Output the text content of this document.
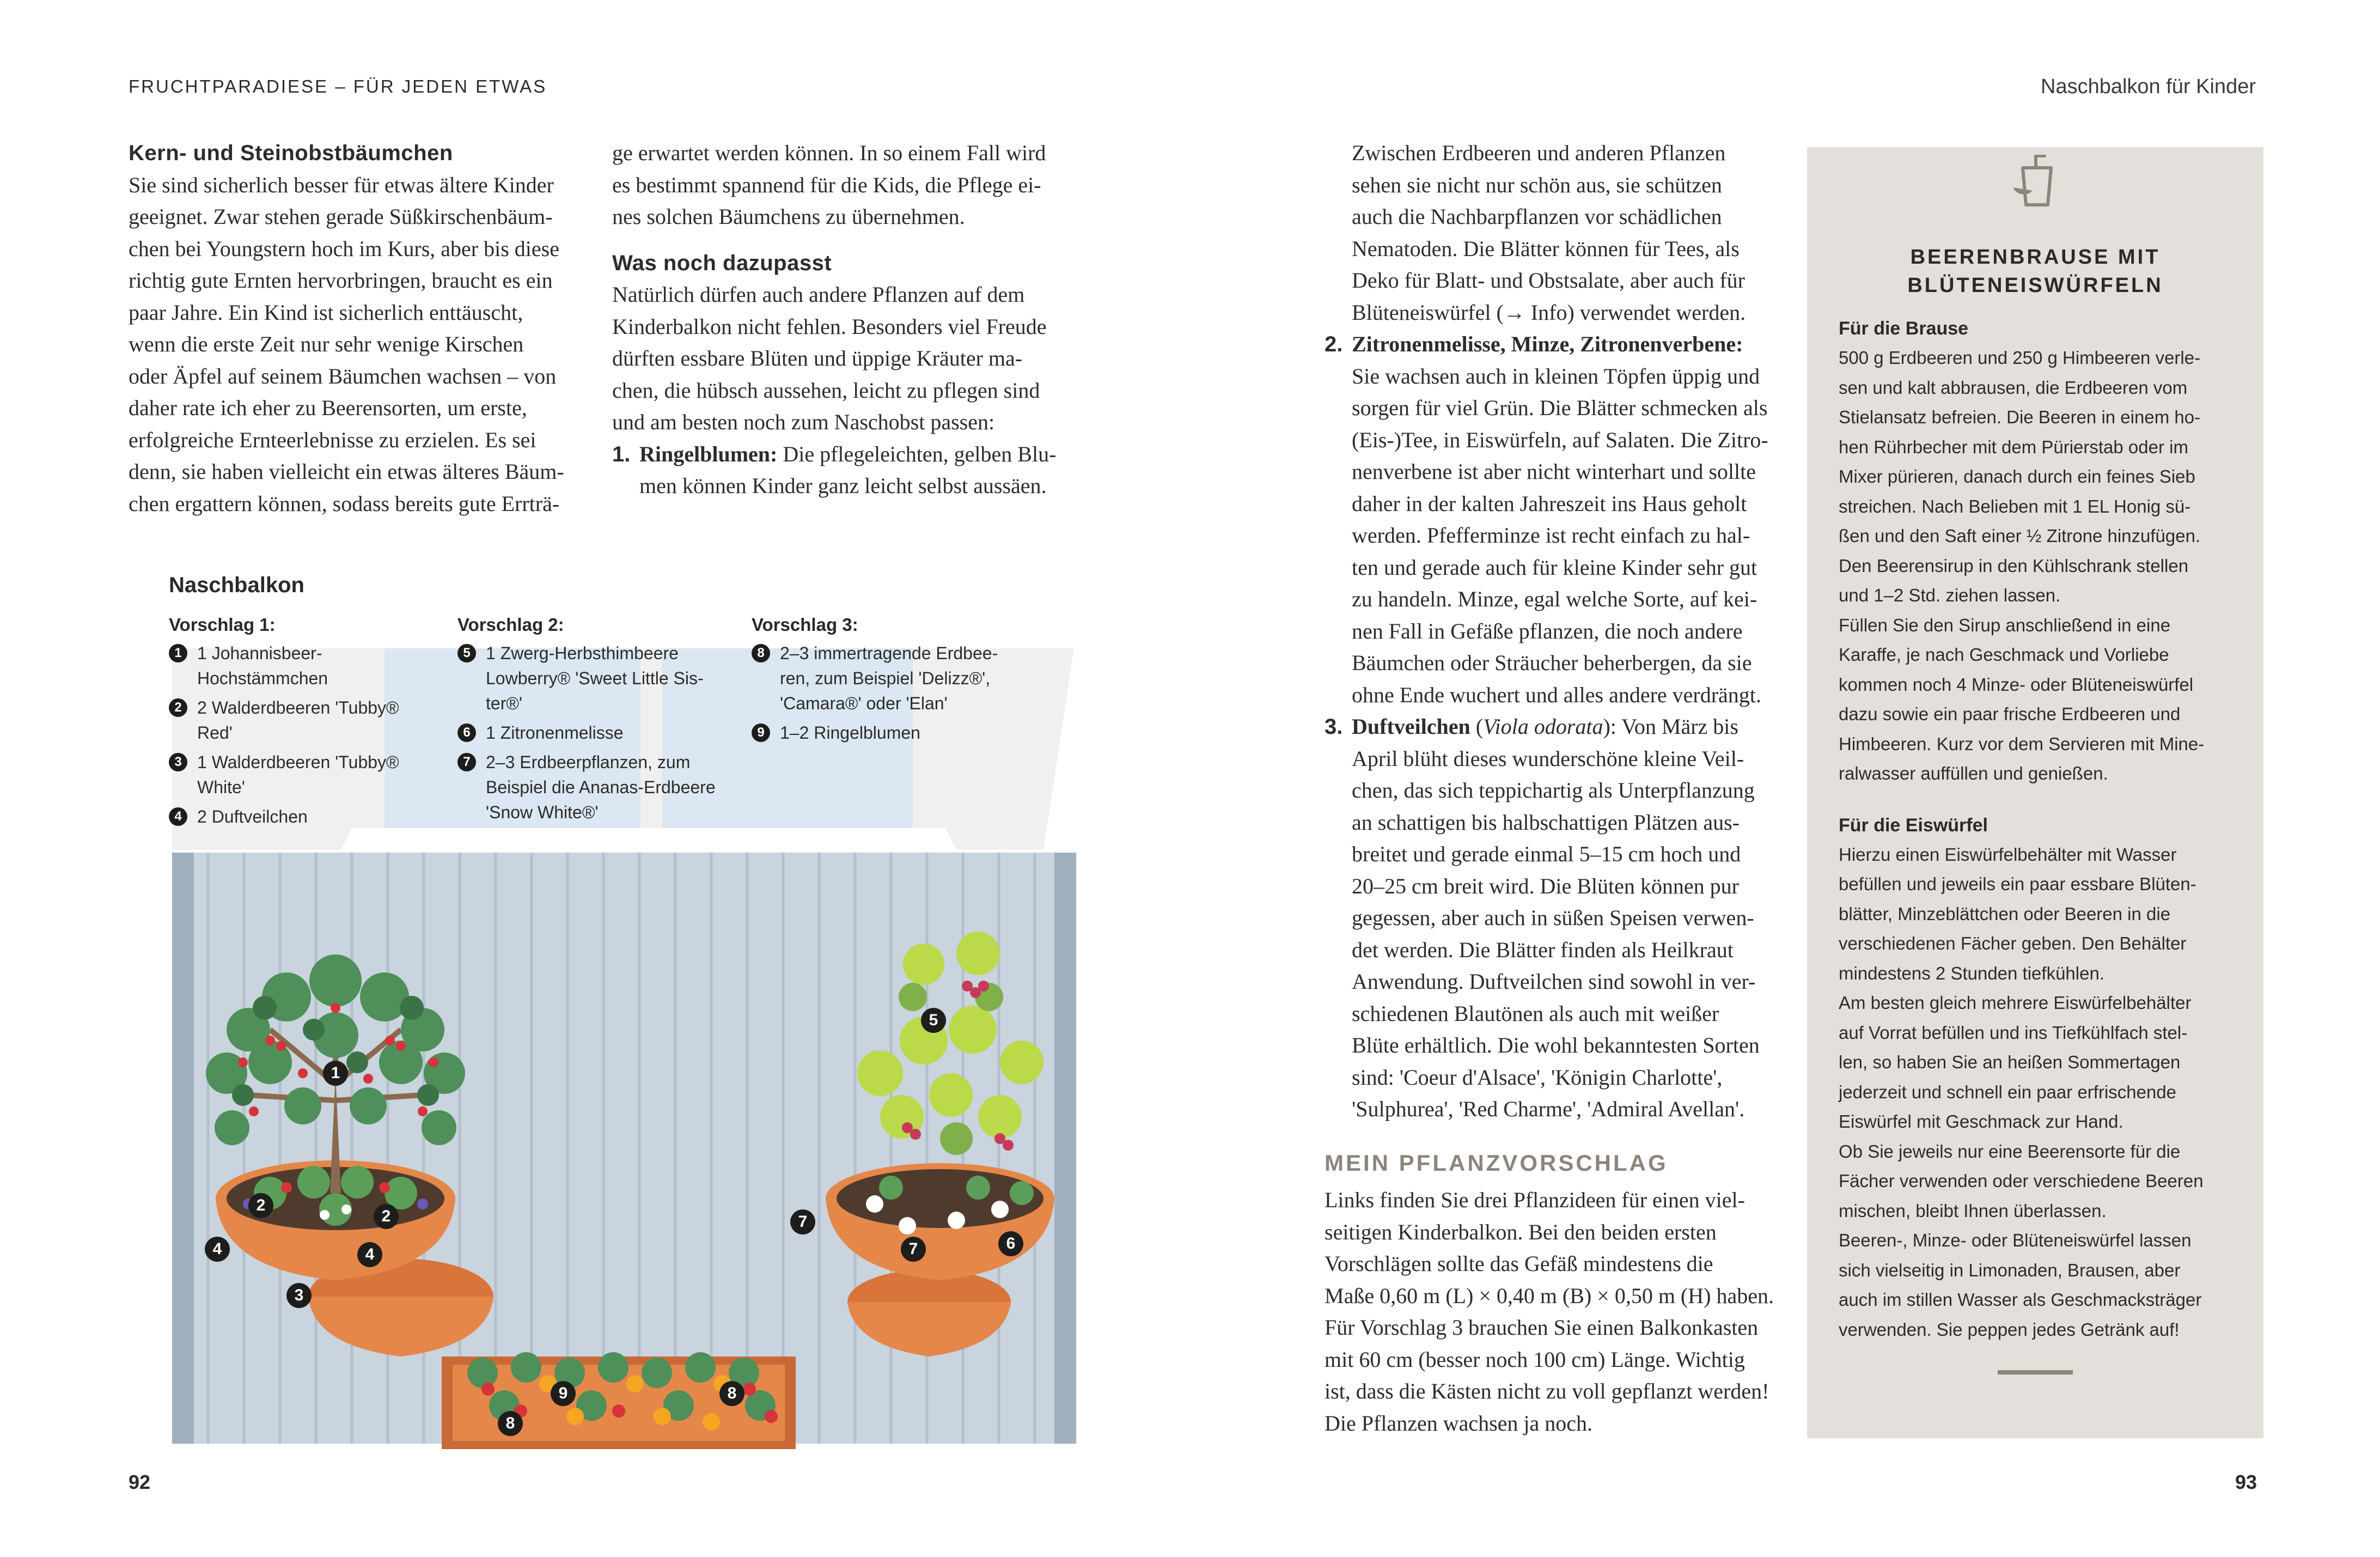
FRUCHTPARADIESE – FÜR JEDEN ETWAS
Kern- und Steinobstbäumchen
Sie sind sicherlich besser für etwas ältere Kinder
geeignet. Zwar stehen gerade Süßkirschenbäum-
chen bei Youngstern hoch im Kurs, aber bis diese
richtig gute Ernten hervorbringen, braucht es ein
paar Jahre. Ein Kind ist sicherlich enttäuscht,
wenn die erste Zeit nur sehr wenige Kirschen
oder Äpfel auf seinem Bäumchen wachsen – von
daher rate ich eher zu Beerensorten, um erste,
erfolgreiche Ernteerlebnisse zu erzielen. Es sei
denn, sie haben vielleicht ein etwas älteres Bäum-
chen ergattern können, sodass bereits gute Errträ-
ge erwartet werden können. In so einem Fall wird
es bestimmt spannend für die Kids, die Pflege ei-
nes solchen Bäumchens zu übernehmen.
Was noch dazupasst
Natürlich dürfen auch andere Pflanzen auf dem
Kinderbalkon nicht fehlen. Besonders viel Freude
dürften essbare Blüten und üppige Kräuter ma-
chen, die hübsch aussehen, leicht zu pflegen sind
und am besten noch zum Naschobst passen:
1. Ringelblumen: Die pflegeleichten, gelben Blu-
men können Kinder ganz leicht selbst aussäen.
1
2
2
3
4	4
5
6
7
7
8
8
9
Naschbalkon
Vorschlag 1:
1 1 Johannisbeer-
Hochstämmchen
2 2 Walderdbeeren 'Tubby®
Red'
3 1 Walderdbeeren 'Tubby®
White'
4 2 Duftveilchen
Vorschlag 2:
5 1 Zwerg-Herbsthimbeere
Lowberry® 'Sweet Little Sis-
ter®'
6 1 Zitronenmelisse
7 2–3 Erdbeerpflanzen, zum
Beispiel die Ananas-Erdbeere
'Snow White®'
Vorschlag 3:
8 2–3 immertragende Erdbee-
ren, zum Beispiel 'Delizz®',
'Camara®' oder 'Elan'
9 1–2 Ringelblumen
92
Naschbalkon für Kinder
Zwischen Erdbeeren und anderen Pflanzen
sehen sie nicht nur schön aus, sie schützen
auch die Nachbarpflanzen vor schädlichen
Nematoden. Die Blätter können für Tees, als
Deko für Blatt- und Obstsalate, aber auch für
Blüteneiswürfel (→ Info) verwendet werden.
2. Zitronenmelisse, Minze, Zitronenverbene:
Sie wachsen auch in kleinen Töpfen üppig und
sorgen für viel Grün. Die Blätter schmecken als
(Eis-)Tee, in Eiswürfeln, auf Salaten. Die Zitro-
nenverbene ist aber nicht winterhart und sollte
daher in der kalten Jahreszeit ins Haus geholt
werden. Pfefferminze ist recht einfach zu hal-
ten und gerade auch für kleine Kinder sehr gut
zu handeln. Minze, egal welche Sorte, auf kei-
nen Fall in Gefäße pflanzen, die noch andere
Bäumchen oder Sträucher beherbergen, da sie
ohne Ende wuchert und alles andere verdrängt.
3. Duftveilchen (Viola odorata): Von März bis
April blüht dieses wunderschöne kleine Veil-
chen, das sich teppichartig als Unterpflanzung
an schattigen bis halbschattigen Plätzen aus-
breitet und gerade einmal 5–15 cm hoch und
20–25 cm breit wird. Die Blüten können pur
gegessen, aber auch in süßen Speisen verwen-
det werden. Die Blätter finden als Heilkraut
Anwendung. Duftveilchen sind sowohl in ver-
schiedenen Blautönen als auch mit weißer
Blüte erhältlich. Die wohl bekanntesten Sorten
sind: 'Coeur d'Alsace', 'Königin Charlotte',
'Sulphurea', 'Red Charme', 'Admiral Avellan'.
MEIN PFLANZVORSCHLAG
Links finden Sie drei Pflanzideen für einen viel-
seitigen Kinderbalkon. Bei den beiden ersten
Vorschlägen sollte das Gefäß mindestens die
Maße 0,60 m (L) × 0,40 m (B) × 0,50 m (H) haben.
Für Vorschlag 3 brauchen Sie einen Balkonkasten
mit 60 cm (besser noch 100 cm) Länge. Wichtig
ist, dass die Kästen nicht zu voll gepflanzt werden!
Die Pflanzen wachsen ja noch.
BEERENBRAUSE MIT
BLÜTENEISWÜRFELN
Für die Brause
500 g Erdbeeren und 250 g Himbeeren verle-
sen und kalt abbrausen, die Erdbeeren vom
Stielansatz befreien. Die Beeren in einem ho-
hen Rührbecher mit dem Pürierstab oder im
Mixer pürieren, danach durch ein feines Sieb
streichen. Nach Belieben mit 1 EL Honig sü-
ßen und den Saft einer ½ Zitrone hinzufügen.
Den Beerensirup in den Kühlschrank stellen
und 1–2 Std. ziehen lassen.
Füllen Sie den Sirup anschließend in eine
Karaffe, je nach Geschmack und Vorliebe
kommen noch 4 Minze- oder Blüteneiswürfel
dazu sowie ein paar frische Erdbeeren und
Himbeeren. Kurz vor dem Servieren mit Mine-
ralwasser auffüllen und genießen.
Für die Eiswürfel
Hierzu einen Eiswürfelbehälter mit Wasser
befüllen und jeweils ein paar essbare Blüten-
blätter, Minzeblättchen oder Beeren in die
verschiedenen Fächer geben. Den Behälter
mindestens 2 Stunden tiefkühlen.
Am besten gleich mehrere Eiswürfelbehälter
auf Vorrat befüllen und ins Tiefkühlfach stel-
len, so haben Sie an heißen Sommertagen
jederzeit und schnell ein paar erfrischende
Eiswürfel mit Geschmack zur Hand.
Ob Sie jeweils nur eine Beerensorte für die
Fächer verwenden oder verschiedene Beeren
mischen, bleibt Ihnen überlassen.
Beeren-, Minze- oder Blüteneiswürfel lassen
sich vielseitig in Limonaden, Brausen, aber
auch im stillen Wasser als Geschmacksträger
verwenden. Sie peppen jedes Getränk auf!
93
